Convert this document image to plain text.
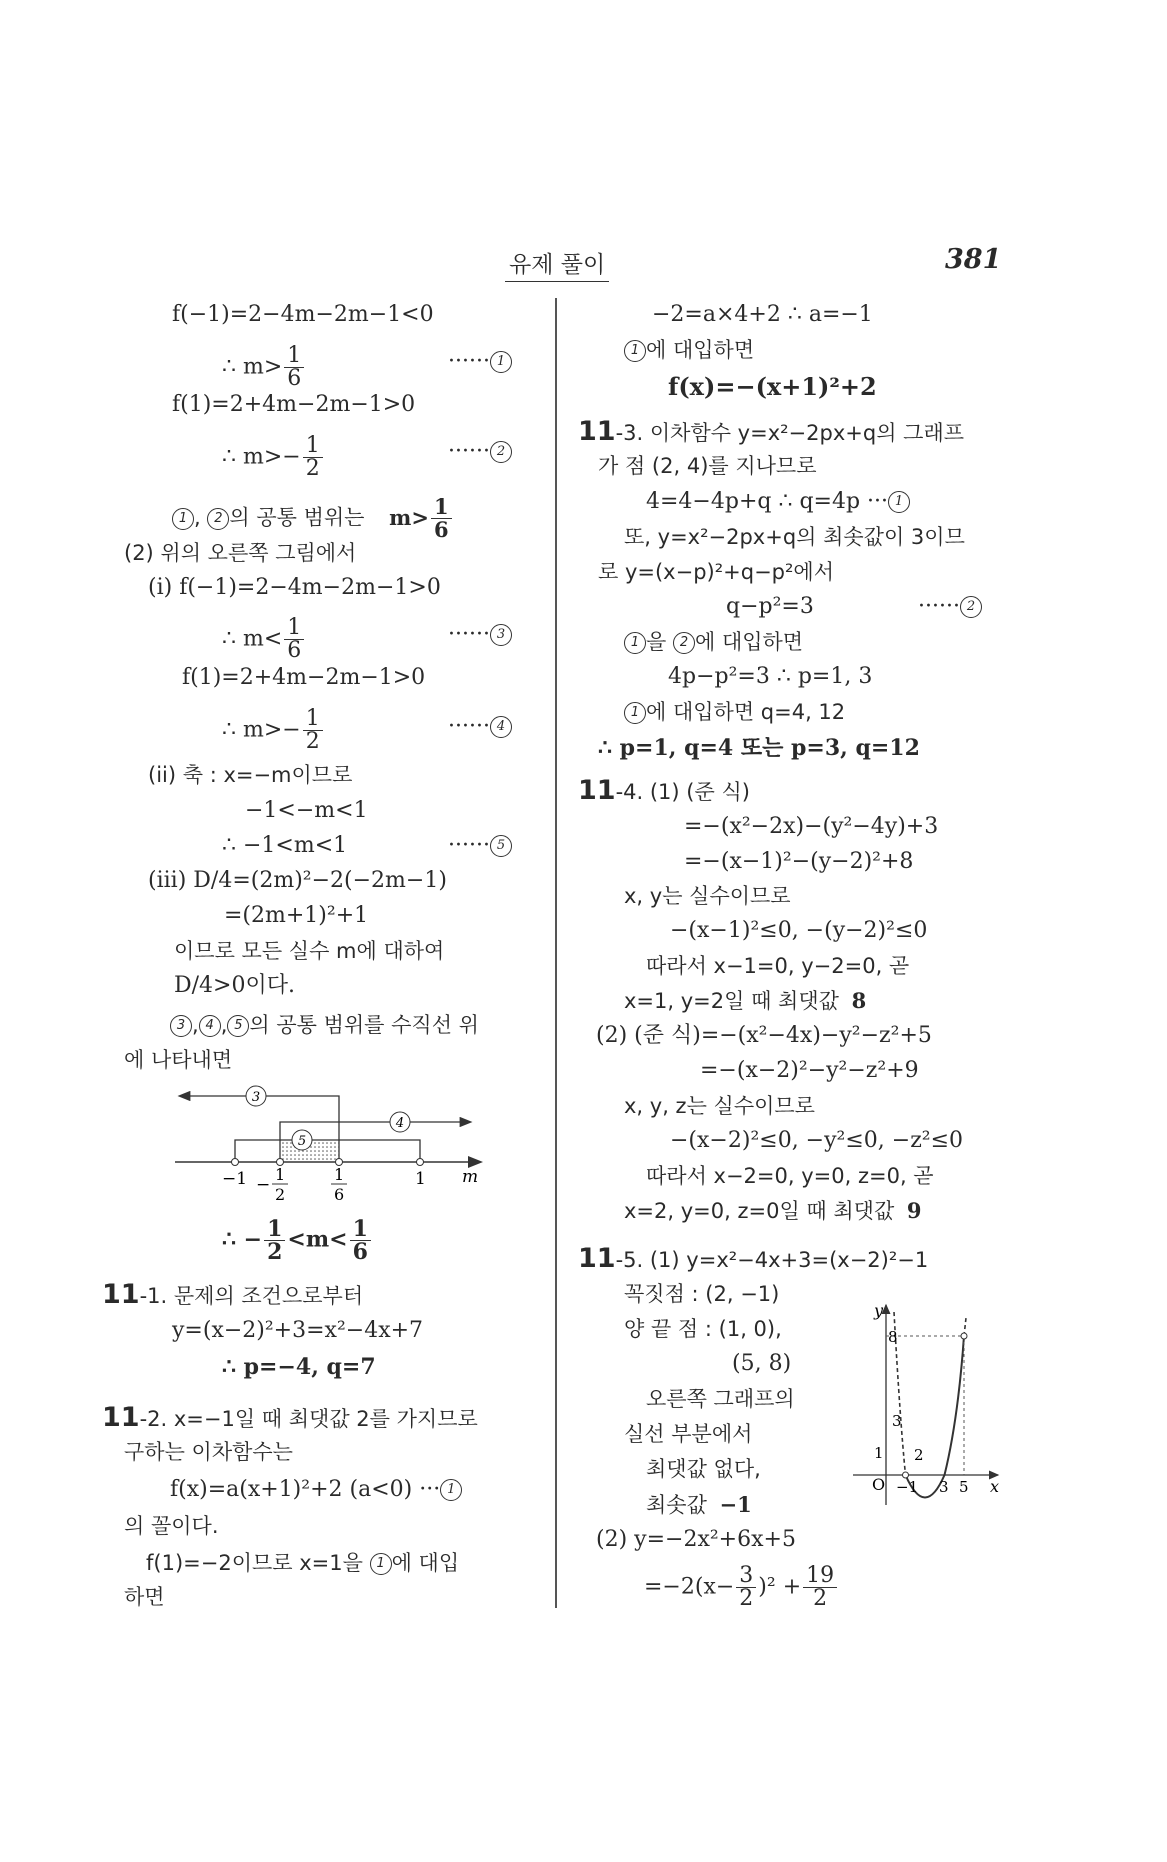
유제 풀이	381
f(−1)=2−4m−2m−1<0
∴ $m> \frac{1}{6}$	······ 1
f(1)=2+4m−2m−1>0
∴ $m>- \frac{1}{2}$	······ 2
1 , 2 의 공통 범위는 $m> \frac{1}{6}$
(2) 위의 오른쪽 그림에서
(i) f(−1)=2−4m−2m−1>0
∴ $m< \frac{1}{6}$	······ 3
f(1)=2+4m−2m−1>0
∴ $m>- \frac{1}{2}$	······ 4
(ii) 축 : x=−m이므로
−1<−m<1
∴ −1<m<1	······ 5
(iii) D/4=(2m)²−2(−2m−1)
=(2m+1)²+1
이므로 모든 실수 m에 대하여
D/4>0이다.
3 , 4 , 5 의 공통 범위를 수직선 위
에 나타내면
3
4
5
−1 −
1
2
1
6
1 m
∴ − $\frac{1}{2} <m< \frac{1}{6}$
11-1. 문제의 조건으로부터
y=(x−2)²+3=x²−4x+7
∴ p=−4, q=7
11-2. x=−1일 때 최댓값 2를 가지므로
구하는 이차함수는
f(x)=a(x+1)²+2 (a<0) ··· 1
의 꼴이다.
f(1)=−2이므로 x=1을 1 에 대입
하면
−2=a×4+2 ∴ a=−1
1 에 대입하면
f(x)=−(x+1)²+2
11-3. 이차함수 y=x²−2px+q의 그래프
가 점 (2, 4)를 지나므로
4=4−4p+q ∴ q=4p ··· 1
또, y=x²−2px+q의 최솟값이 3이므
로 y=(x−p)²+q−p²에서
q−p²=3	······ 2
1 을 2 에 대입하면
4p−p²=3 ∴ p=1, 3
1 에 대입하면 q=4, 12
∴ p=1, q=4 또는 p=3, q=12
11-4. (1) (준 식)
=−(x²−2x)−(y²−4y)+3
=−(x−1)²−(y−2)²+8
x, y는 실수이므로
−(x−1)²≤0, −(y−2)²≤0
따라서 x−1=0, y−2=0, 곧
x=1, y=2일 때 최댓값 8
(2) (준 식)=−(x²−4x)−y²−z²+5
=−(x−2)²−y²−z²+9
x, y, z는 실수이므로
−(x−2)²≤0, −y²≤0, −z²≤0
따라서 x−2=0, y=0, z=0, 곧
x=2, y=0, z=0일 때 최댓값 9
11-5. (1) y=x²−4x+3=(x−2)²−1
꼭짓점 : (2, −1)
양 끝 점 : (1, 0),
(5, 8)
오른쪽 그래프의
실선 부분에서
최댓값 없다,
최솟값 −1
(2) y=−2x²+6x+5
$=-2(x- \frac{3}{2} )^2 + \frac{19}{2}$
y
8
3
1 2
O −1 3 5 x
